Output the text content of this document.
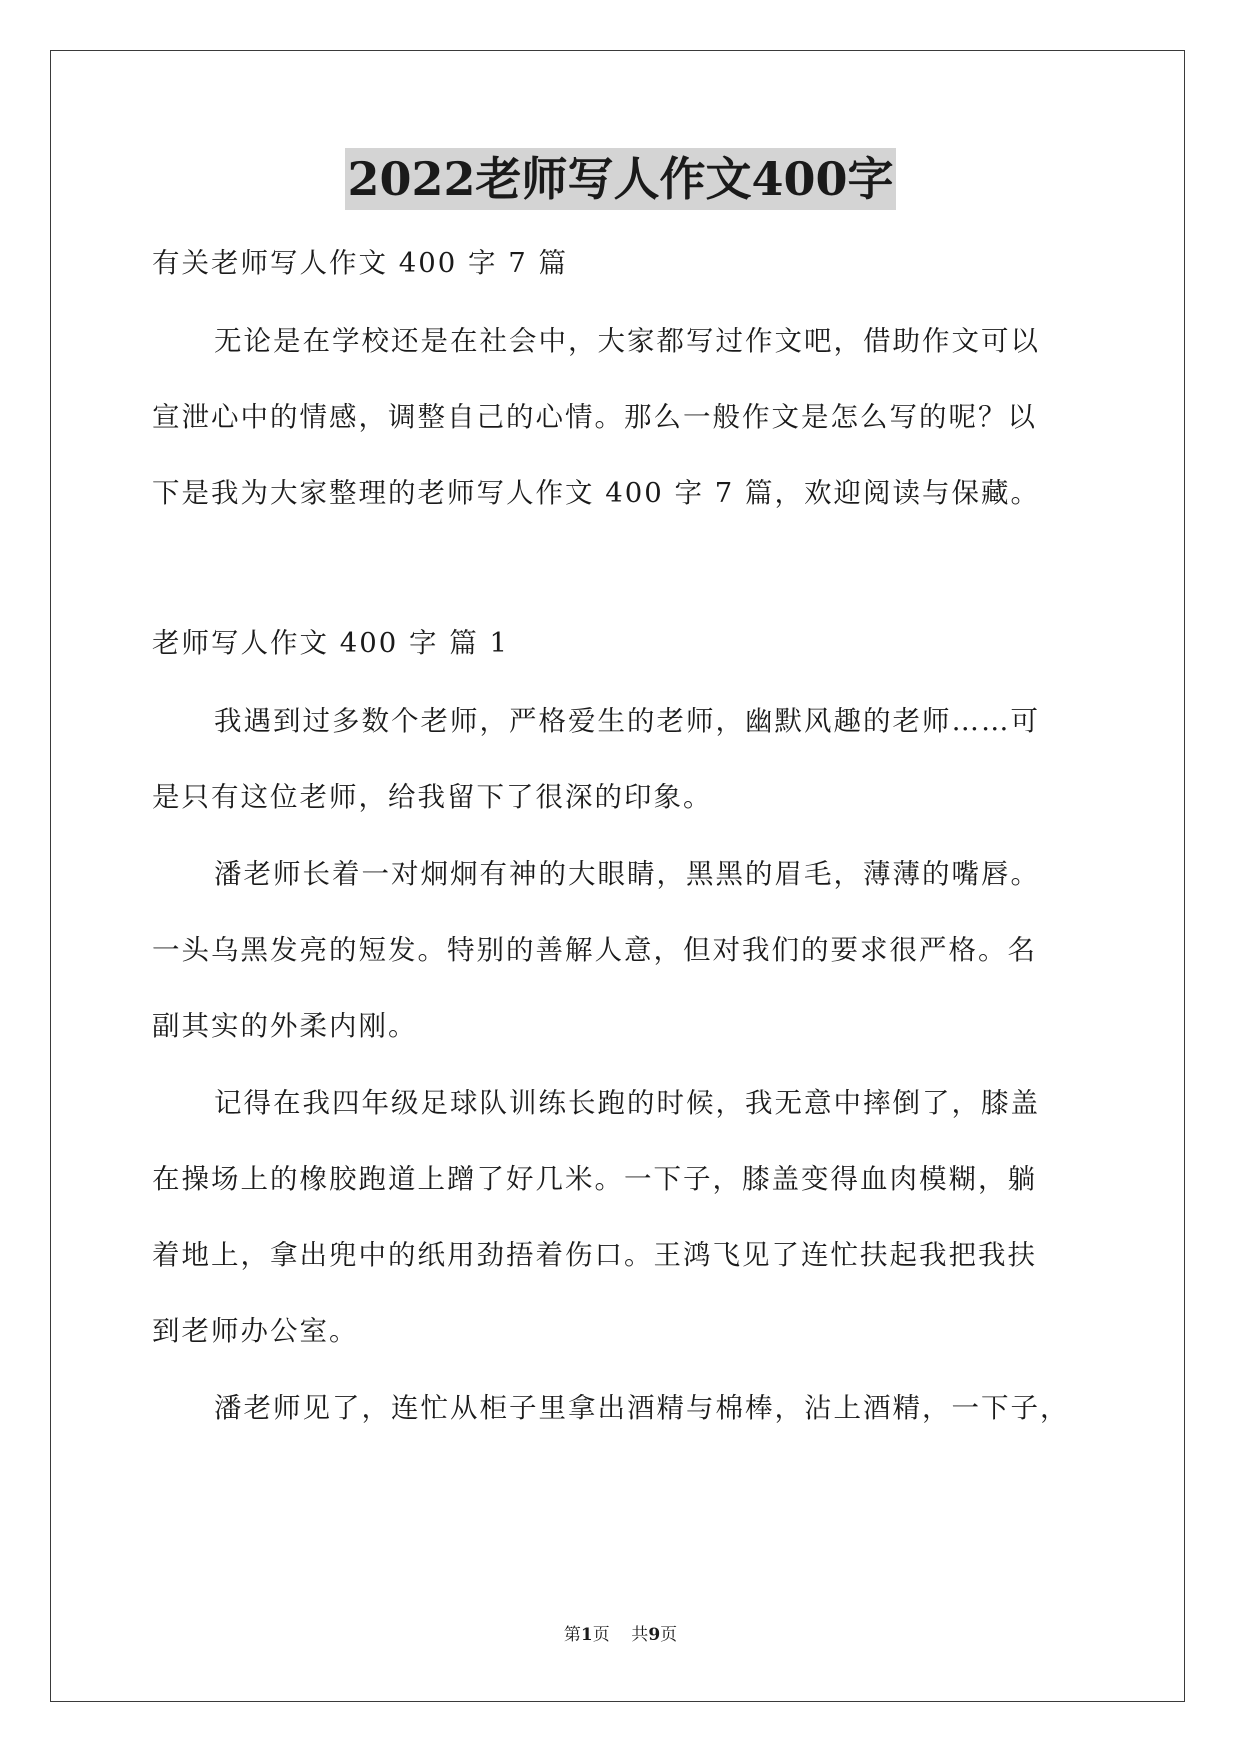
2022老师写人作文400字
有关老师写人作文 400 字 7 篇
无论是在学校还是在社会中，大家都写过作文吧，借助作文可以
宣泄心中的情感，调整自己的心情。那么一般作文是怎么写的呢？以
下是我为大家整理的老师写人作文 400 字 7 篇，欢迎阅读与保藏。
老师写人作文 400 字 篇 1
我遇到过多数个老师，严格爱生的老师，幽默风趣的老师……可
是只有这位老师，给我留下了很深的印象。
潘老师长着一对炯炯有神的大眼睛，黑黑的眉毛，薄薄的嘴唇。
一头乌黑发亮的短发。特别的善解人意，但对我们的要求很严格。名
副其实的外柔内刚。
记得在我四年级足球队训练长跑的时候，我无意中摔倒了，膝盖
在操场上的橡胶跑道上蹭了好几米。一下子，膝盖变得血肉模糊，躺
着地上，拿出兜中的纸用劲捂着伤口。王鸿飞见了连忙扶起我把我扶
到老师办公室。
潘老师见了，连忙从柜子里拿出酒精与棉棒，沾上酒精，一下子，
第1页    共9页
